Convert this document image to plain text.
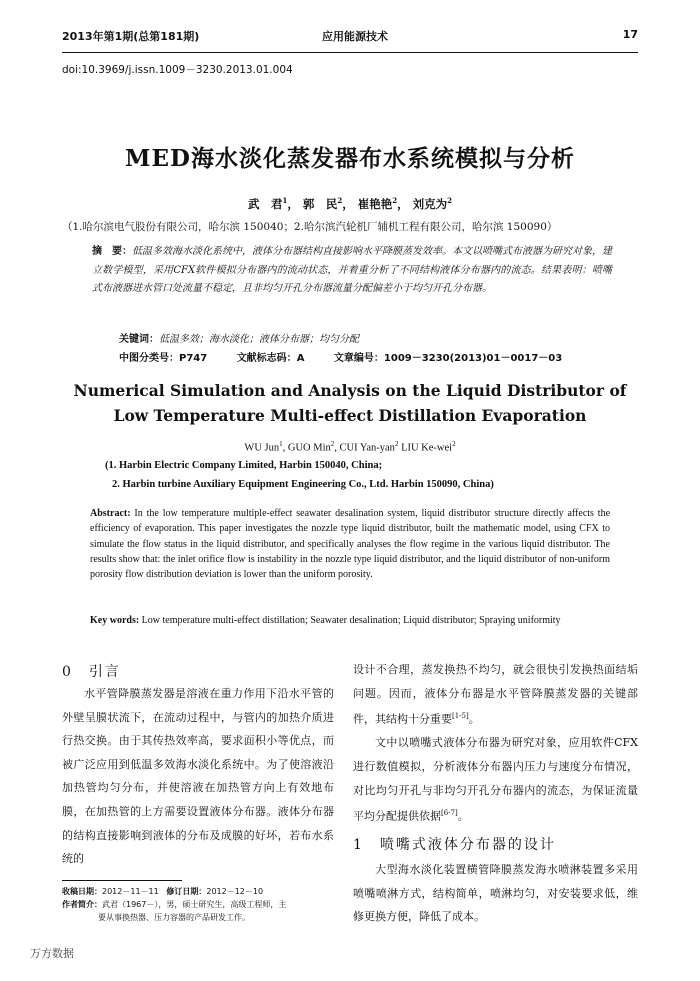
2013年第1期(总第181期)	应用能源技术	17
doi:10.3969/j.issn.1009－3230.2013.01.004
MED海水淡化蒸发器布水系统模拟与分析
武　君$^1$， 郭　民$^2$， 崔艳艳$^2$， 刘克为$^2$
（1.哈尔滨电气股份有限公司，哈尔滨 150040；2.哈尔滨汽轮机厂辅机工程有限公司，哈尔滨 150090）
摘　要：低温多效海水淡化系统中，液体分布器结构直接影响水平降膜蒸发效率。本文以喷嘴式布液器为研究对象，建立数学模型，采用CFX软件模拟分布器内的流动状态，并着重分析了不同结构液体分布器内的流态。结果表明：喷嘴式布液器进水管口处流量不稳定，且非均匀开孔分布器流量分配偏差小于均匀开孔分布器。
关键词：低温多效；海水淡化；液体分布器；均匀分配
中图分类号：P747	文献标志码：A	文章编号：1009－3230(2013)01－0017－03
Numerical Simulation and Analysis on the Liquid Distributor of
Low Temperature Multi-effect Distillation Evaporation
WU Jun$^1$, GUO Min$^2$, CUI Yan-yan$^2$ LIU Ke-wei$^2$
(1. Harbin Electric Company Limited, Harbin 150040, China;
2. Harbin turbine Auxiliary Equipment Engineering Co., Ltd. Harbin 150090, China)
Abstract: In the low temperature multiple-effect seawater desalination system, liquid distributor structure directly affects the efficiency of evaporation. This paper investigates the nozzle type liquid distributor, built the mathematic model, using CFX to simulate the flow status in the liquid distributor, and specifically analyses the flow regime in the various liquid distributor. The results show that: the inlet orifice flow is instability in the nozzle type liquid distributor, and the liquid distributor of non-uniform porosity flow distribution deviation is lower than the uniform porosity.
Key words: Low temperature multi-effect distillation; Seawater desalination; Liquid distributor; Spraying uniformity
0　引言
水平管降膜蒸发器是溶液在重力作用下沿水平管的外壁呈膜状流下，在流动过程中，与管内的加热介质进行热交换。由于其传热效率高，要求面积小等优点，而被广泛应用到低温多效海水淡化系统中。为了使溶液沿加热管均匀分布，并使溶液在加热管方向上有效地布膜，在加热管的上方需要设置液体分布器。液体分布器的结构直接影响到液体的分布及成膜的好坏，若布水系统的
设计不合理，蒸发换热不均匀，就会很快引发换热面结垢问题。因而，液体分布器是水平管降膜蒸发器的关键部件，其结构十分重要[1-5]。
文中以喷嘴式液体分布器为研究对象，应用软件CFX进行数值模拟，分析液体分布器内压力与速度分布情况，对比均匀开孔与非均匀开孔分布器内的流态，为保证流量平均分配提供依据[6-7]。
1　喷嘴式液体分布器的设计
大型海水淡化装置横管降膜蒸发海水喷淋装置多采用喷嘴喷淋方式，结构简单，喷淋均匀，对安装要求低，维修更换方便，降低了成本。
收稿日期：2012－11－11 修订日期：2012－12－10
作者简介：武君（1967－），男，硕士研究生，高级工程师，主
要从事换热器、压力容器的产品研发工作。
万方数据
